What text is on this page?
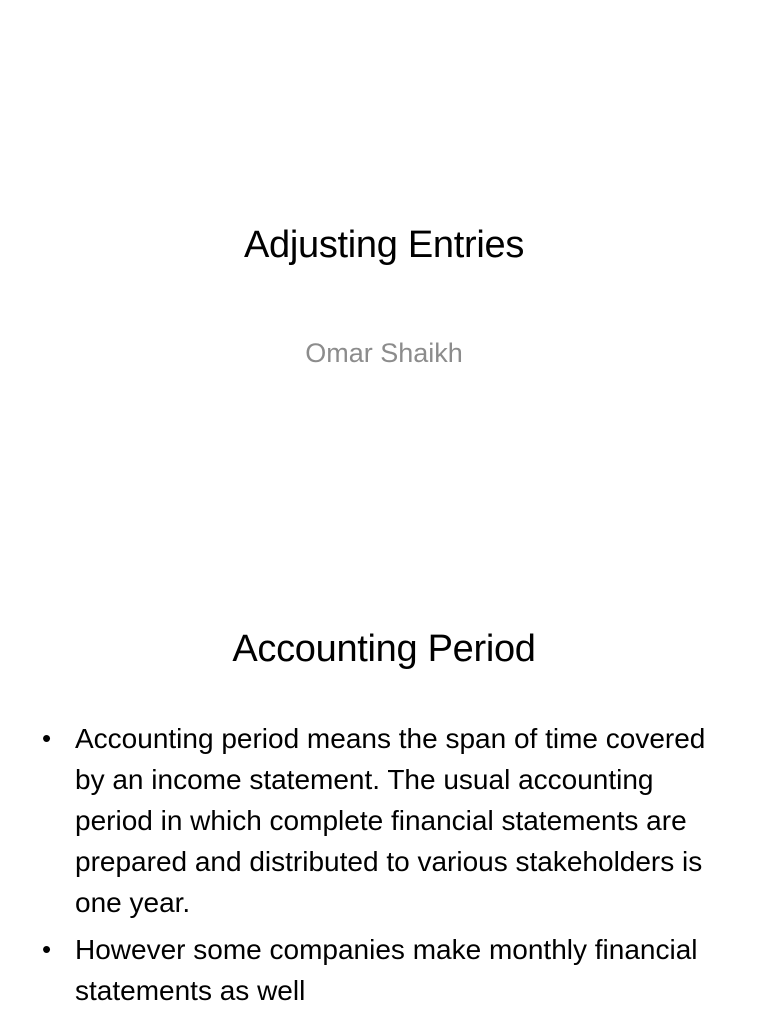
Adjusting Entries
Omar Shaikh
Accounting Period
• Accounting period means the span of time covered by an income statement. The usual accounting period in which complete financial statements are prepared and distributed to various stakeholders is one year.
• However some companies make monthly financial statements as well
